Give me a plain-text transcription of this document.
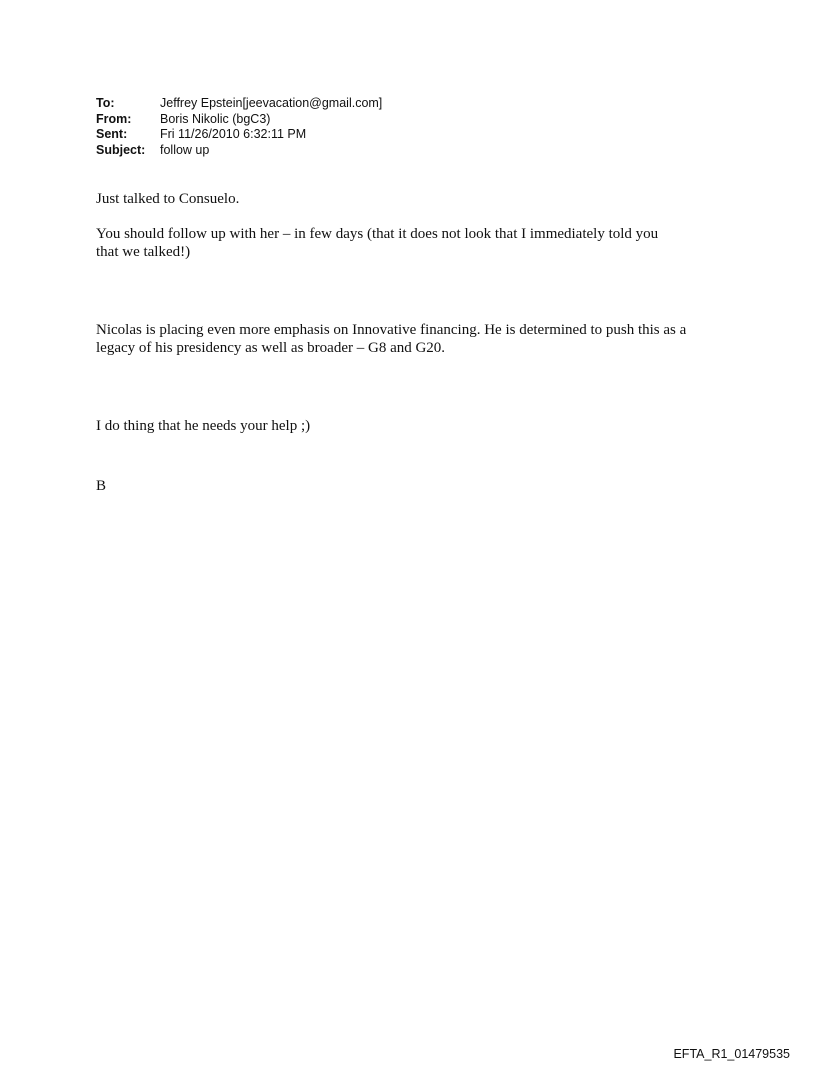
To:	Jeffrey Epstein[jeevacation@gmail.com]
From:	Boris Nikolic (bgC3)
Sent:	Fri 11/26/2010 6:32:11 PM
Subject:	follow up

Just talked to Consuelo.

You should follow up with her – in few days (that it does not look that I immediately told you
that we talked!)

Nicolas is placing even more emphasis on Innovative financing. He is determined to push this as a
legacy of his presidency as well as broader – G8 and G20.

I do thing that he needs your help ;)

B

EFTA_R1_01479535
